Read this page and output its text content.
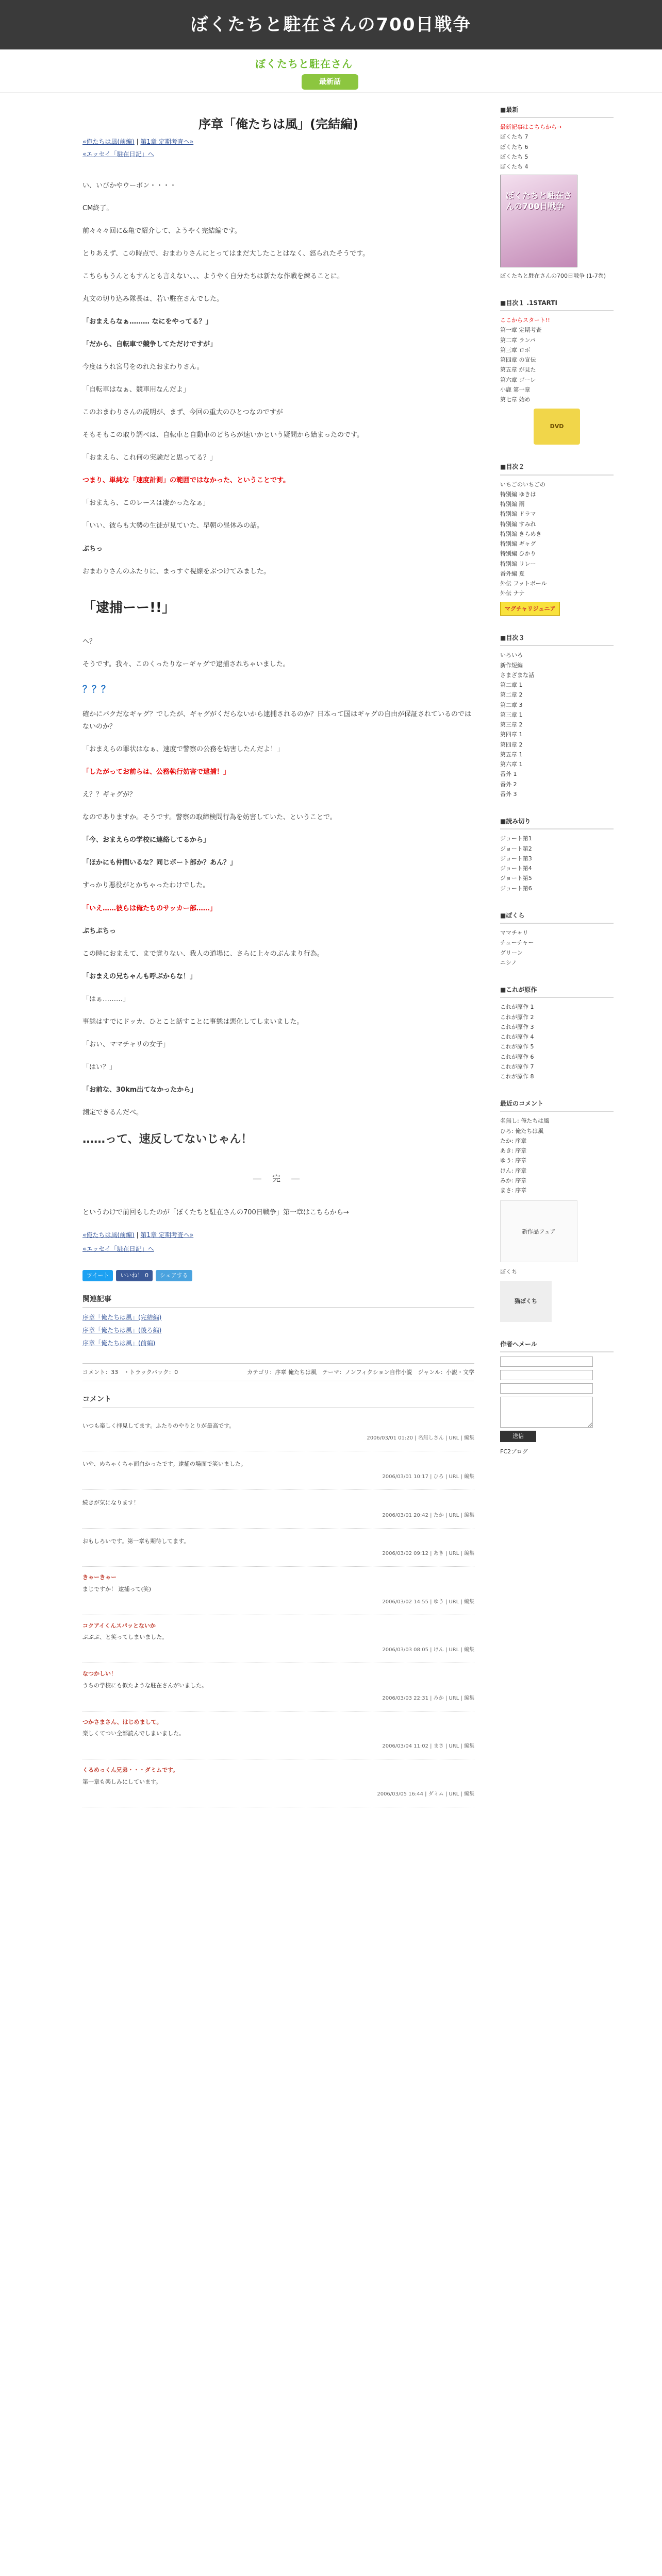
ぼくたちと駐在さんの700日戦争
ぼくたちと駐在さん
最新話
序章「俺たちは風」(完結編)
«俺たちは風(前編) | 第1章 定期考査へ»
«エッセイ「駐在日記」へ

い、いびかやウーボン・・・・

CM終了。

前々々々回に&亀で紹介して、ようやく完結編です。

とりあえず、この時点で、おまわりさんにとってはまだ大したことはなく、怒られたそうです。

こちらもうんともすんとも言えない、、、ようやく自分たちは新たな作戦を練ることに。

丸文の切り込み隊長は、若い駐在さんでした。

「おまえらなぁ……… なにをやってる？」

「だから、自転車で競争してただけですが」

今度はうれ宮号をのれたおまわりさん。

「自転車はなぁ、競車用なんだよ」

このおまわりさんの説明が、まず、今回の重大のひとつなのですが

そもそもこの取り調べは、自転車と自動車のどちらが速いかという疑問から始まったのです。

「おまえら、これ何の実験だと思ってる？」

つまり、単純な「速度計測」の範囲ではなかった、ということです。

「おまえら、このレースは凄かったなぁ」

「いい、彼らも大勢の生徒が見ていた、早朝の昼休みの話。

ぶちっ

おまわりさんのふたりに、まっすぐ視線をぶつけてみました。

「逮捕ーー!!」

へ？

そうです。我々、このくったりなーギャグで逮捕されちゃいました。

？？？

確かにバクだなギャグ？でしたが、ギャグがくだらないから逮捕されるのか？日本って国はギャグの自由が保証されているのではないのか？

「おまえらの罪状はなぁ、速度で警察の公務を妨害したんだよ！」

「したがってお前らは、公務執行妨害で逮捕！」

え？？ギャグが？

なのでありますか。そうです。警察の取締検問行為を妨害していた、ということで。

「今、おまえらの学校に連絡してるから」

「ほかにも仲間いるな？同じボート部か？あん？」

すっかり悪役がとかちゃったわけでした。

「いえ……彼らは俺たちのサッカー部……」

ぷちぷちっ

この時におまえて、まで覚りない、我人の道場に、さらに上々のぶんまり行為。

「おまえの兄ちゃんも呼ぶからな！」

「はぁ………」

事態はすでにドッカ、ひとこと話すことに事態は悪化してしまいました。

「おい、ママチャリの女子」

「はい？」

「お前な、30km出てなかったから」

測定できるんだべ。

……って、速反してないじゃん！

― 完 ―

というわけで前回もしたのが「ぼくたちと駐在さんの700日戦争」第一章はこちらから→

«俺たちは風(前編) | 第1章 定期考査へ»
«エッセイ「駐在日記」へ
ツイート	いいね！ 0	シェアする
関連記事
序章「俺たちは風」(完結編)
序章「俺たちは風」(後ろ編)
序章「俺たちは風」(前編)
コメント：33　・トラックバック：0	カテゴリ：序章 俺たちは風　テーマ：ノンフィクション自作小説　ジャンル：小説・文学
コメント
いつも楽しく拝見してます。ふたりのやりとりが最高です。
2006/03/01 01:20 | 名無しさん | URL | 編集
いや、めちゃくちゃ面白かったです。逮捕の場面で笑いました。
2006/03/01 10:17 | ひろ | URL | 編集
続きが気になります！
2006/03/01 20:42 | たか | URL | 編集
おもしろいです。第一章も期待してます。
2006/03/02 09:12 | あき | URL | 編集
きゃーきゃー
まじですか！ 逮捕って(笑)
2006/03/02 14:55 | ゆう | URL | 編集
コクアイくんスパッとないか
ぷぷぷ、と笑ってしまいました。
2006/03/03 08:05 | けん | URL | 編集
なつかしい！
うちの学校にも似たような駐在さんがいました。
2006/03/03 22:31 | みか | URL | 編集
つかさまさん、はじめまして。
楽しくてつい全部読んでしまいました。
2006/03/04 11:02 | まさ | URL | 編集
くるめっくん兄弟・・・ダミムです。
第一章も楽しみにしています。
2006/03/05 16:44 | ダミム | URL | 編集
■最新
最新記事はこちらから→
ぼくたち 7
ぼくたち 6
ぼくたち 5
ぼくたち 4
ぼくたちと駐在さんの700日戦争
ぼくたちと駐在さんの700日戦争 (1-7巻)
■目次１ .1STARTⅠ
ここからスタート!!
第一章 定期考査
第二章 ランパ
第三章 ロボ
第四章 の宣伝
第五章 が見た
第六章 ゴーレ
小鹿 第一章
第七章 始め
DVD
■目次２
いちごのいちごの
特別編 ゆきは
特別編 雨
特別編 ドラマ
特別編 すみれ
特別編 きらめき
特別編 ギャグ
特別編 ひかり
特別編 リレー
番外編 夏
外伝 フットボール
外伝 ナナ
マグチャリジュニア
■目次３
いろいろ
新作短編
さまざまな話
第二章 1
第二章 2
第二章 3
第三章 1
第三章 2
第四章 1
第四章 2
第五章 1
第六章 1
番外 1
番外 2
番外 3
■読み切り
ジョート第1
ジョート第2
ジョート第3
ジョート第4
ジョート第5
ジョート第6
■ぼくら
ママチャリ
チューチャー
グリーン
ニシノ
■これが原作
これが原作 1
これが原作 2
これが原作 3
これが原作 4
これが原作 5
これが原作 6
これが原作 7
これが原作 8
最近のコメント
名無し: 俺たちは風
ひろ: 俺たちは風
たか: 序章
あき: 序章
ゆう: 序章
けん: 序章
みか: 序章
まさ: 序章
新作品フェア
ぼくち
猫ぼくち
作者へメール
送信
FC2ブログ
